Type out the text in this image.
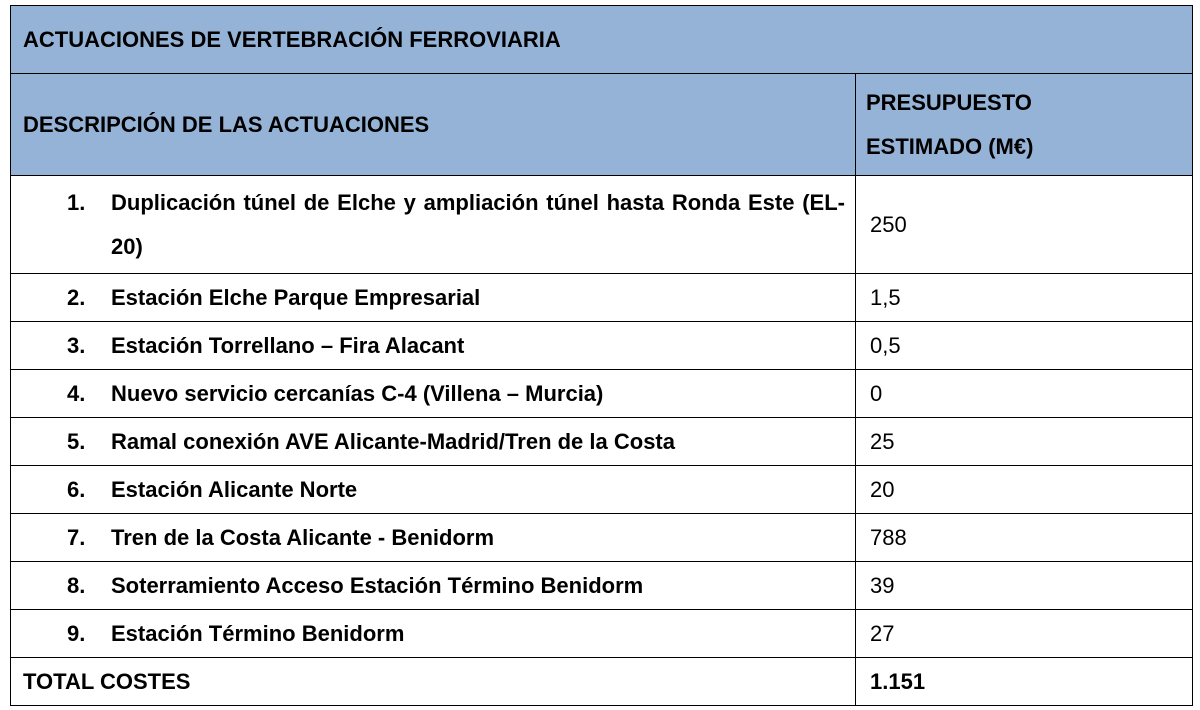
ACTUACIONES DE VERTEBRACIÓN FERROVIARIA	
DESCRIPCIÓN DE LAS ACTUACIONES	PRESUPUESTO
ESTIMADO (M€)

1. Duplicación túnel de Elche y ampliación túnel hasta Ronda Este (EL-20)	250

2. Estación Elche Parque Empresarial	1,5

3. Estación Torrellano – Fira Alacant	0,5

4. Nuevo servicio cercanías C-4 (Villena – Murcia)	0

5. Ramal conexión AVE Alicante-Madrid/Tren de la Costa	25

6. Estación Alicante Norte	20

7. Tren de la Costa Alicante - Benidorm	788

8. Soterramiento Acceso Estación Término Benidorm	39

9. Estación Término Benidorm	27
TOTAL COSTES	1.151
